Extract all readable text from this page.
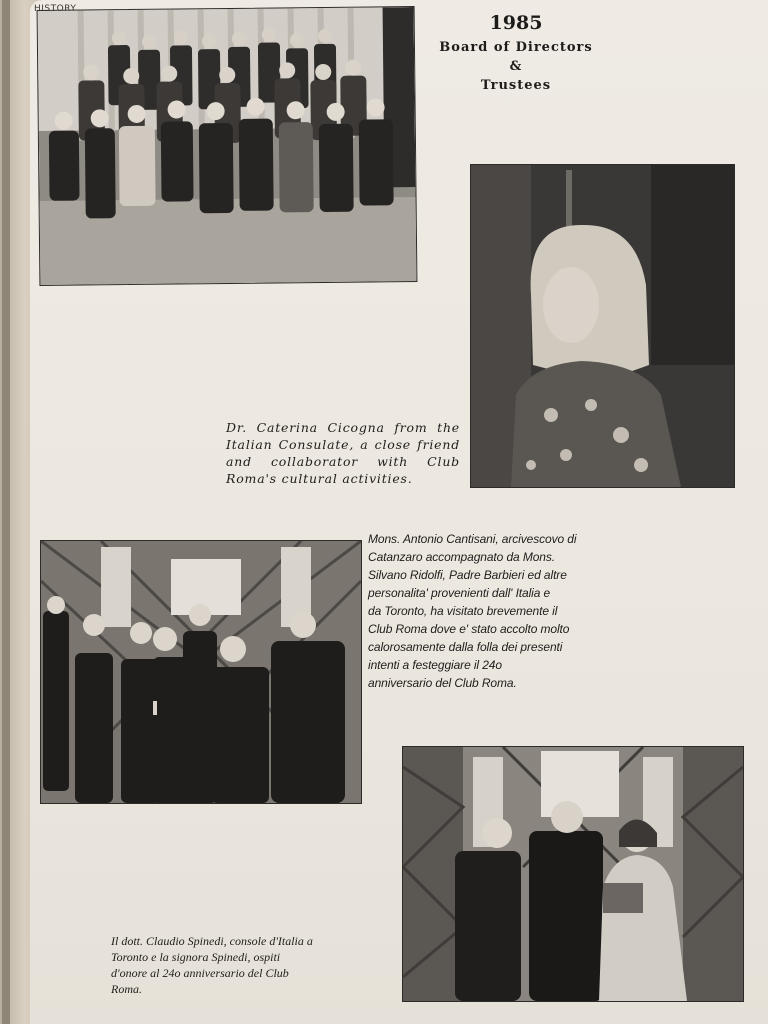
HISTORY
1985
Board of Directors
&
Trustees
Dr. Caterina Cicogna from the Italian Consulate, a close friend and collaborator with Club Roma's cultural activities.
Mons. Antonio Cantisani, arcivescovo di
Catanzaro accompagnato da Mons.
Silvano Ridolfi, Padre Barbieri ed altre
personalita' provenienti dall' Italia e
da Toronto, ha visitato brevemente il
Club Roma dove e' stato accolto molto
calorosamente dalla folla dei presenti
intenti a festeggiare il 24o
anniversario del Club Roma.
Il dott. Claudio Spinedi, console d'Italia a
Toronto e la signora Spinedi, ospiti
d'onore al 24o anniversario del Club
Roma.
